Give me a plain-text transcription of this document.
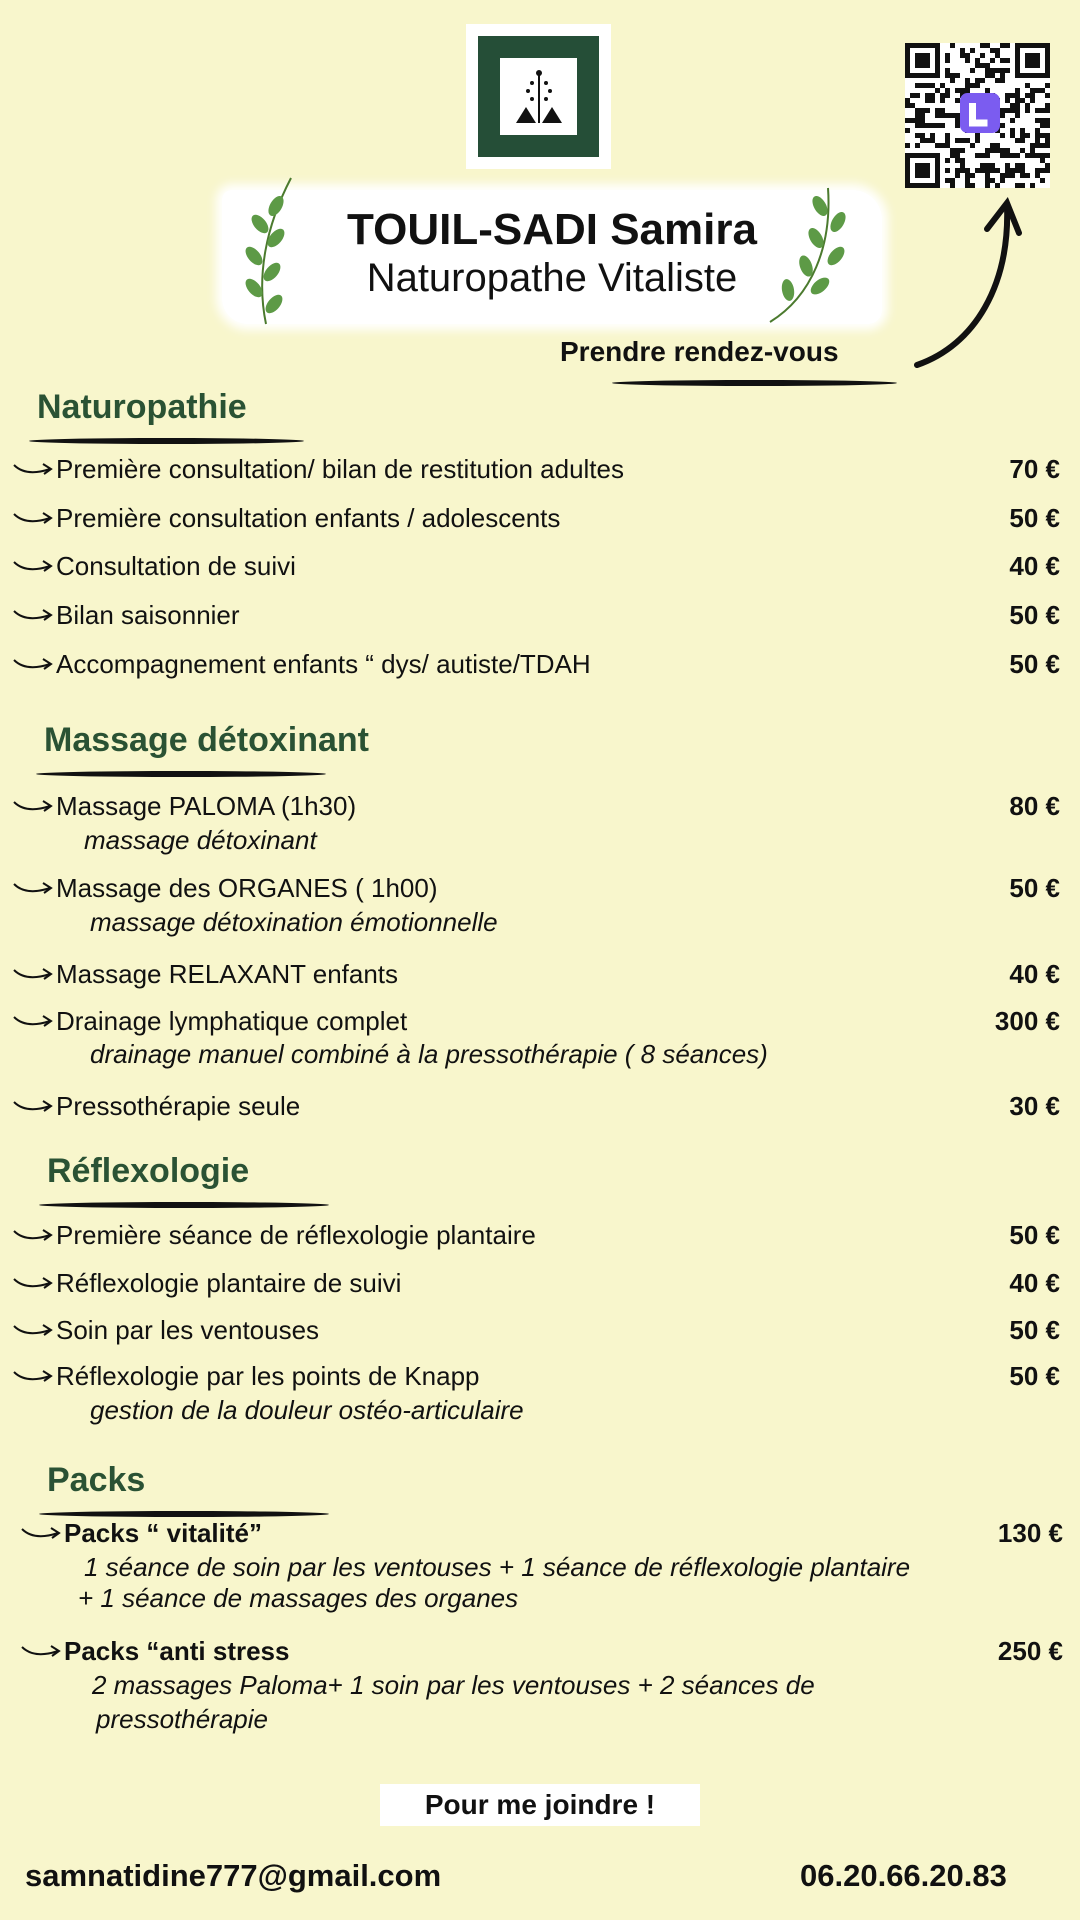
TOUIL-SADI Samira
Naturopathe Vitaliste
Prendre rendez-vous
Naturopathie
Première consultation/ bilan de restitution adultes	70 €
Première consultation enfants / adolescents	50 €
Consultation de suivi	40 €
Bilan saisonnier	50 €
Accompagnement enfants “ dys/ autiste/TDAH	50 €
Massage détoxinant
Massage PALOMA (1h30)	80 €
massage détoxinant
Massage des ORGANES ( 1h00)	50 €
massage détoxination émotionnelle
Massage RELAXANT enfants	40 €
Drainage lymphatique complet	300 €
drainage manuel combiné à la pressothérapie ( 8 séances)
Pressothérapie seule	30 €
Réflexologie
Première séance de réflexologie plantaire	50 €
Réflexologie plantaire de suivi	40 €
Soin par les ventouses	50 €
Réflexologie par les points de Knapp	50 €
gestion de la douleur ostéo-articulaire
Packs
Packs “ vitalité”	130 €
1 séance de soin par les ventouses + 1 séance de réflexologie plantaire
+ 1 séance de massages des organes
Packs “anti stress	250 €
2 massages Paloma+ 1 soin par les ventouses + 2 séances de
pressothérapie
Pour me joindre !
samnatidine777@gmail.com	06.20.66.20.83
